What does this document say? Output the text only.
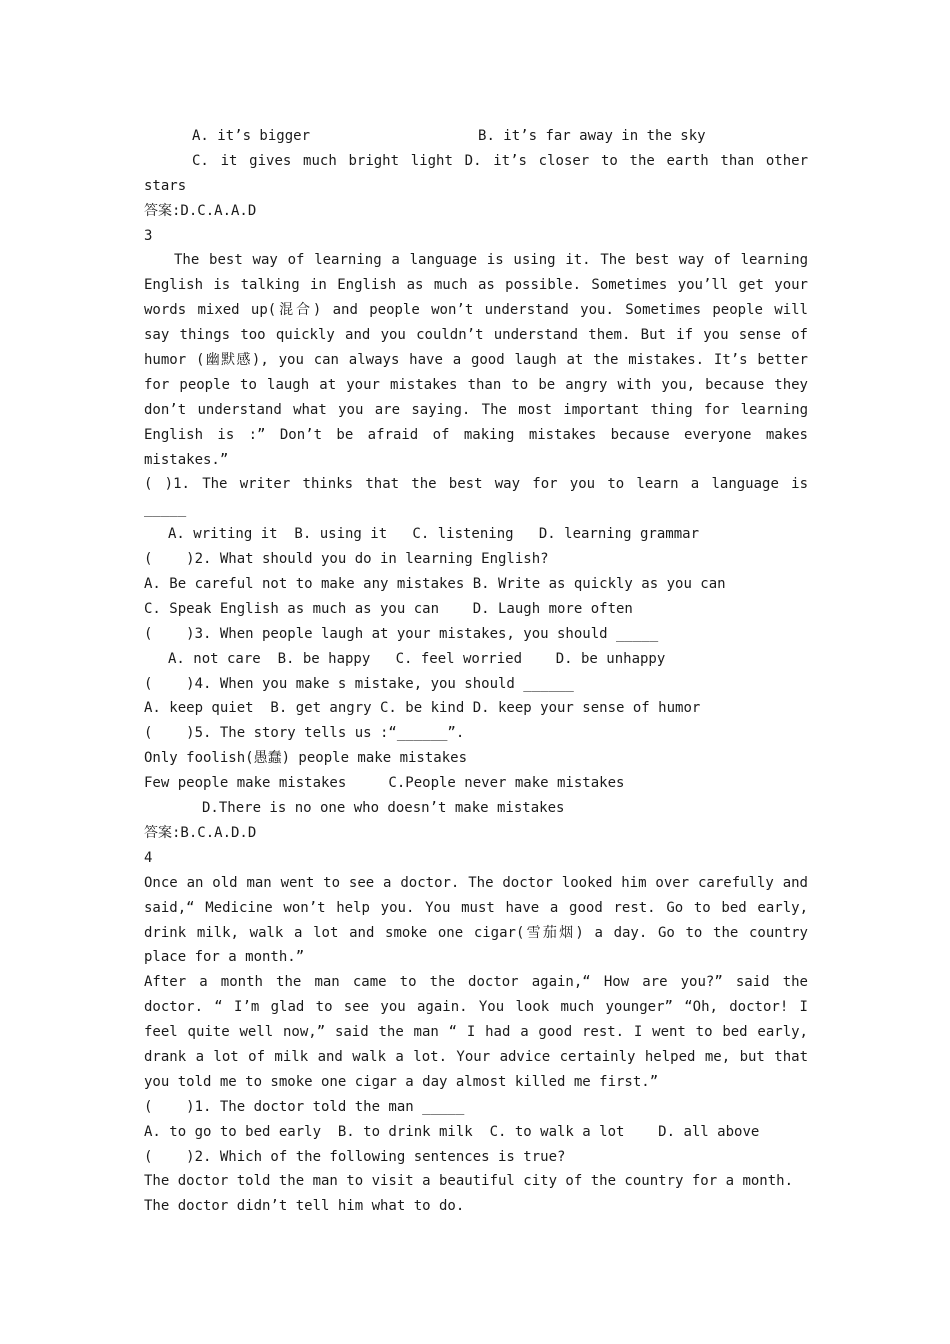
A. it’s bigger	B. it’s far away in the sky
C. it gives much bright light D. it’s closer to the earth than other
stars
答案:D.C.A.A.D
3
The best way of learning a language is using it. The best way of learning
English is talking in English as much as possible. Sometimes you’ll get your
words mixed up(混合) and people won’t understand you. Sometimes people will
say things too quickly and you couldn’t understand them. But if you sense of
humor (幽默感), you can always have a good laugh at the mistakes. It’s better
for people to laugh at your mistakes than to be angry with you, because they
don’t understand what you are saying. The most important thing for learning
English is :” Don’t be afraid of making mistakes because everyone makes
mistakes.”
( )1. The writer thinks that the best way for you to learn a language is
_____
A. writing it  B. using it   C. listening   D. learning grammar
(    )2. What should you do in learning English?
A. Be careful not to make any mistakes B. Write as quickly as you can
C. Speak English as much as you can    D. Laugh more often
(    )3. When people laugh at your mistakes, you should _____
A. not care  B. be happy   C. feel worried    D. be unhappy
(    )4. When you make s mistake, you should ______
A. keep quiet  B. get angry C. be kind D. keep your sense of humor
(    )5. The story tells us :“______”.
Only foolish(愚蠢) people make mistakes
Few people make mistakes     C.People never make mistakes
D.There is no one who doesn’t make mistakes
答案:B.C.A.D.D
4
Once an old man went to see a doctor. The doctor looked him over carefully and
said,“ Medicine won’t help you. You must have a good rest. Go to bed early,
drink milk, walk a lot and smoke one cigar(雪茄烟) a day. Go to the country
place for a month.”
After a month the man came to the doctor again,“ How are you?” said the
doctor. “ I’m glad to see you again. You look much younger” “Oh, doctor! I
feel quite well now,” said the man “ I had a good rest. I went to bed early,
drank a lot of milk and walk a lot. Your advice certainly helped me, but that
you told me to smoke one cigar a day almost killed me first.”
(    )1. The doctor told the man _____
A. to go to bed early  B. to drink milk  C. to walk a lot    D. all above
(    )2. Which of the following sentences is true?
The doctor told the man to visit a beautiful city of the country for a month.
The doctor didn’t tell him what to do.
